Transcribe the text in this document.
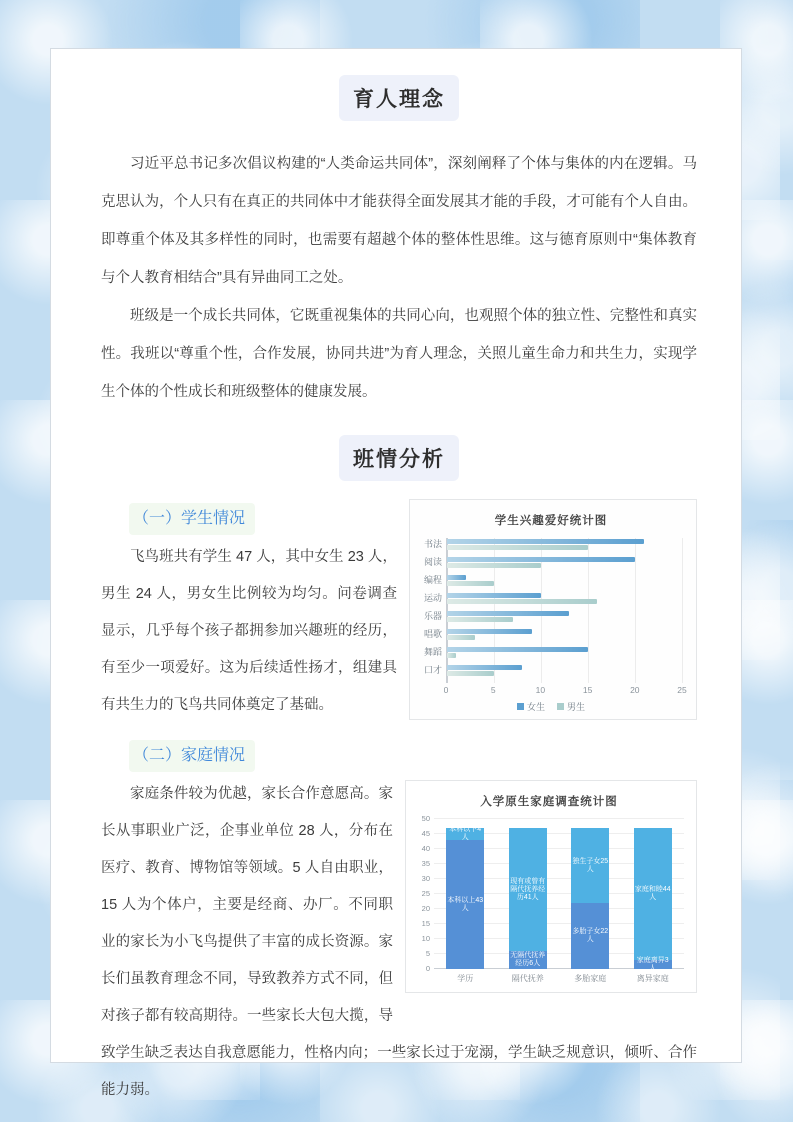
育人理念

习近平总书记多次倡议构建的“人类命运共同体”，深刻阐释了个体与集体的内在逻辑。马克思认为，个人只有在真正的共同体中才能获得全面发展其才能的手段，才可能有个人自由。即尊重个体及其多样性的同时，也需要有超越个体的整体性思维。这与德育原则中“集体教育与个人教育相结合”具有异曲同工之处。

班级是一个成长共同体，它既重视集体的共同心向，也观照个体的独立性、完整性和真实性。我班以“尊重个性，合作发展，协同共进”为育人理念，关照儿童生命力和共生力，实现学生个体的个性成长和班级整体的健康发展。

班情分析
学生兴趣爱好统计图
书法
阅读
编程
运动
乐器
唱歌
舞蹈
口才
0	5	10	15	20	25
女生	男生
（一）学生情况

飞鸟班共有学生 47 人，其中女生 23 人，男生 24 人，男女生比例较为均匀。问卷调查显示，几乎每个孩子都拥参加兴趣班的经历，有至少一项爱好。这为后续适性扬才，组建具有共生力的飞鸟共同体奠定了基础。

（二）家庭情况
入学原生家庭调查统计图
0
5
10
15
20
25
30
35
40
45
50
本科以上43人
本科以下4人
无隔代抚养经历6人
现有或曾有隔代抚养经历41人
多胎子女22人
独生子女25人
家庭离异3人
家庭和睦44人
学历	隔代抚养	多胎家庭	离异家庭

家庭条件较为优越，家长合作意愿高。家长从事职业广泛，企事业单位 28 人，分布在医疗、教育、博物馆等领域。5 人自由职业，15 人为个体户，主要是经商、办厂。不同职业的家长为小飞鸟提供了丰富的成长资源。家长们虽教育理念不同，导致教养方式不同，但对孩子都有较高期待。一些家长大包大揽，导致学生缺乏表达自我意愿能力，性格内向；一些家长过于宠溺，学生缺乏规意识，倾听、合作能力弱。
